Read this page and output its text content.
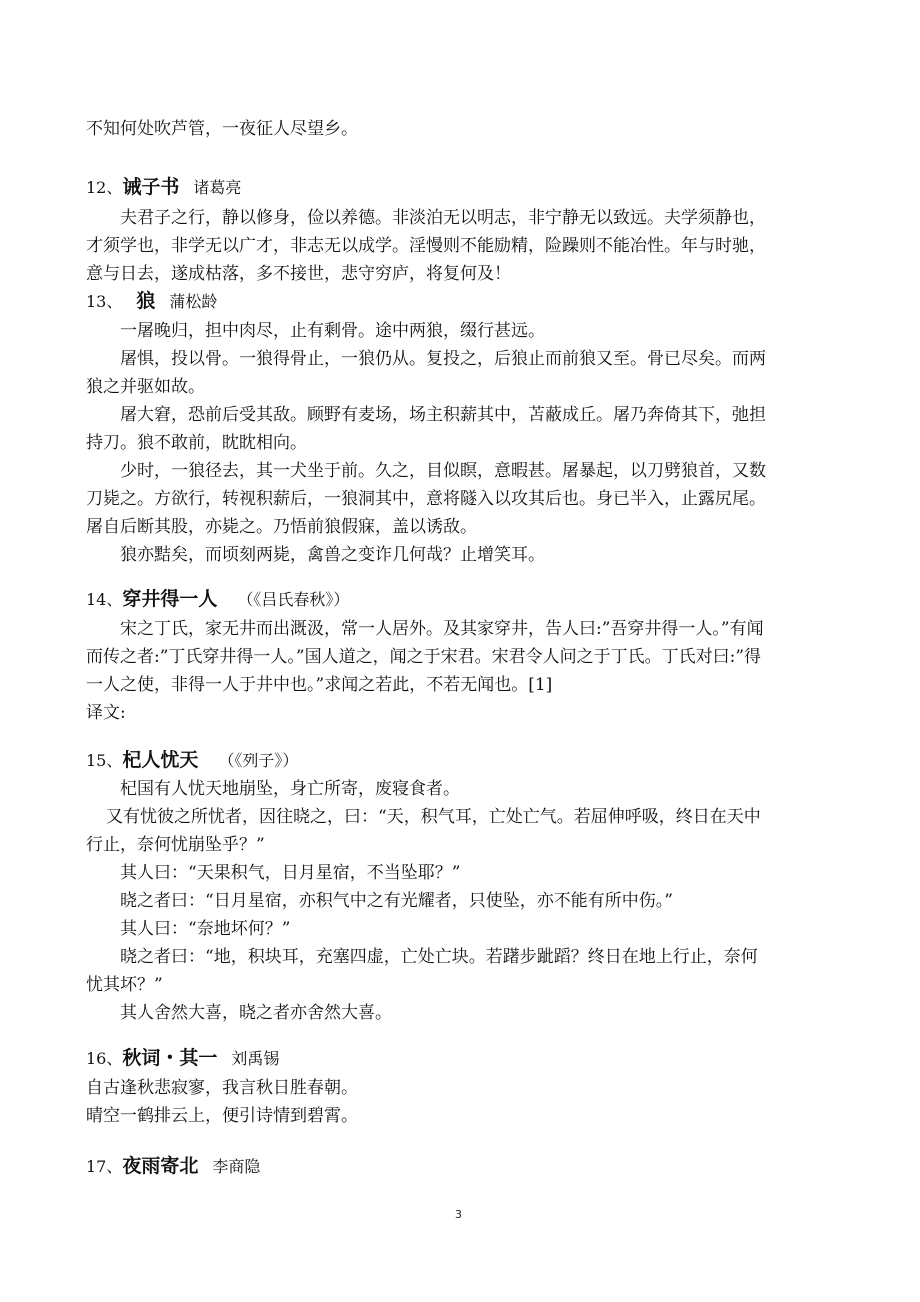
不知何处吹芦管，一夜征人尽望乡。
12、诫子书 诸葛亮
夫君子之行，静以修身，俭以养德。非淡泊无以明志，非宁静无以致远。夫学须静也，
才须学也，非学无以广才，非志无以成学。淫慢则不能励精，险躁则不能冶性。年与时驰，
意与日去，遂成枯落，多不接世，悲守穷庐，将复何及！
13、 狼 蒲松龄
一屠晚归，担中肉尽，止有剩骨。途中两狼，缀行甚远。
屠惧，投以骨。一狼得骨止，一狼仍从。复投之，后狼止而前狼又至。骨已尽矣。而两
狼之并驱如故。
屠大窘，恐前后受其敌。顾野有麦场，场主积薪其中，苫蔽成丘。屠乃奔倚其下，弛担
持刀。狼不敢前，眈眈相向。
少时，一狼径去，其一犬坐于前。久之，目似瞑，意暇甚。屠暴起，以刀劈狼首，又数
刀毙之。方欲行，转视积薪后，一狼洞其中，意将隧入以攻其后也。身已半入，止露尻尾。
屠自后断其股，亦毙之。乃悟前狼假寐，盖以诱敌。
狼亦黠矣，而顷刻两毙，禽兽之变诈几何哉？止增笑耳。
14、穿井得一人 （《吕氏春秋》）
宋之丁氏，家无井而出溉汲，常一人居外。及其家穿井，告人曰:”吾穿井得一人。”有闻
而传之者:”丁氏穿井得一人。”国人道之，闻之于宋君。宋君令人问之于丁氏。丁氏对曰:”得
一人之使，非得一人于井中也。”求闻之若此，不若无闻也。[1]
译文:
15、杞人忧天 （《列子》）
杞国有人忧天地崩坠，身亡所寄，废寝食者。
又有忧彼之所忧者，因往晓之，曰：“天，积气耳，亡处亡气。若屈伸呼吸，终日在天中
行止，奈何忧崩坠乎？”
其人曰：“天果积气，日月星宿，不当坠耶？”
晓之者曰：“日月星宿，亦积气中之有光耀者，只使坠，亦不能有所中伤。”
其人曰：“奈地坏何？”
晓之者曰：“地，积块耳，充塞四虚，亡处亡块。若躇步跐蹈？终日在地上行止，奈何
忧其坏？”
其人舍然大喜，晓之者亦舍然大喜。
16、秋词・其一 刘禹锡
自古逢秋悲寂寥，我言秋日胜春朝。
晴空一鹤排云上，便引诗情到碧霄。
17、夜雨寄北 李商隐
3
